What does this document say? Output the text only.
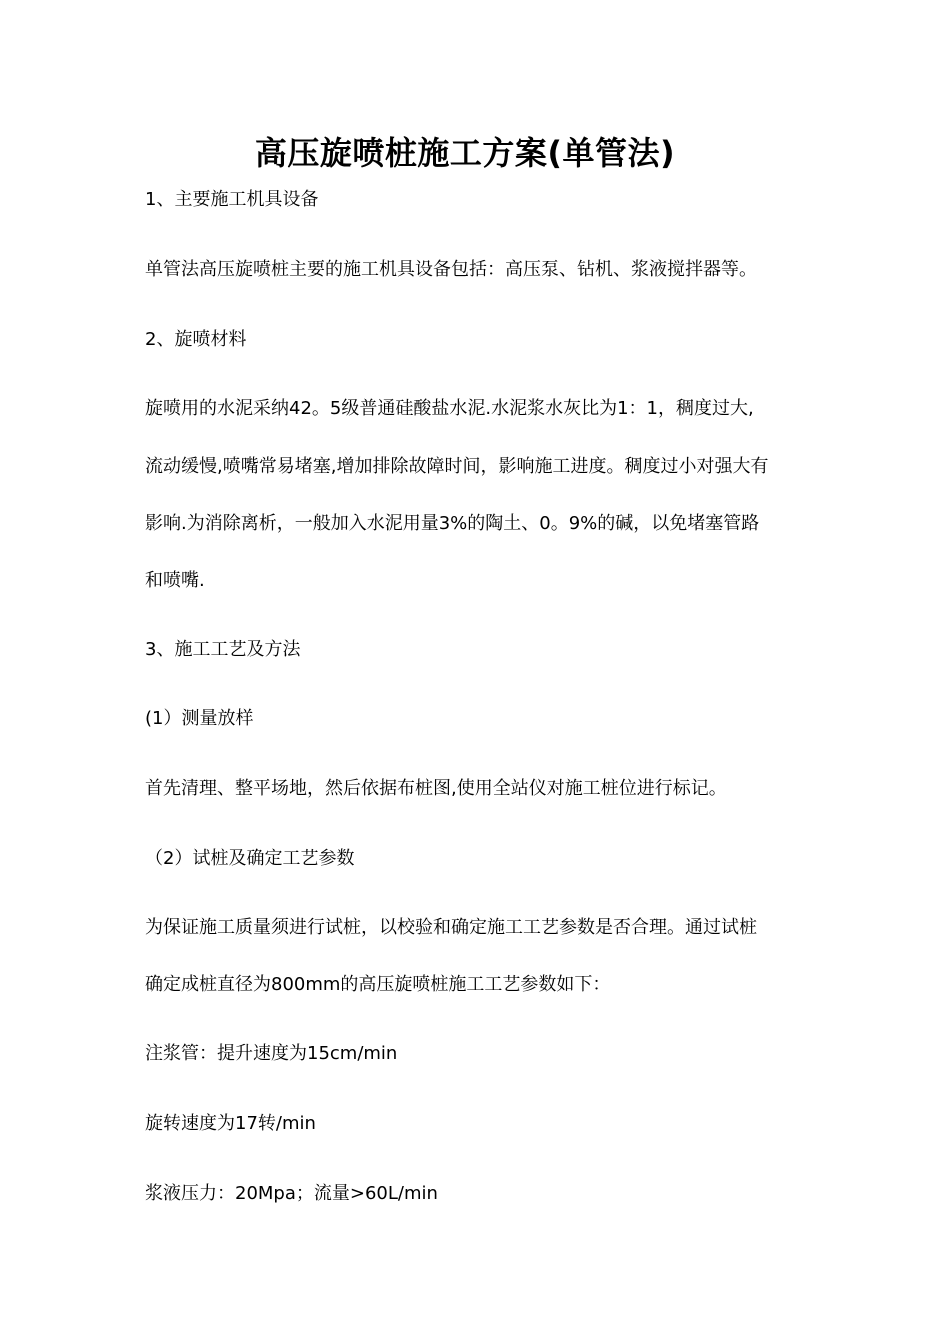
高压旋喷桩施工方案(单管法)
1、主要施工机具设备
单管法高压旋喷桩主要的施工机具设备包括：高压泵、钻机、浆液搅拌器等。
2、旋喷材料
旋喷用的水泥采纳42。5级普通硅酸盐水泥.水泥浆水灰比为1：1，稠度过大,
流动缓慢,喷嘴常易堵塞,增加排除故障时间，影响施工进度。稠度过小对强大有
影响.为消除离析，一般加入水泥用量3%的陶土、0。9%的碱，以免堵塞管路
和喷嘴.
3、施工工艺及方法
(1）测量放样
首先清理、整平场地，然后依据布桩图,使用全站仪对施工桩位进行标记。
（2）试桩及确定工艺参数
为保证施工质量须进行试桩，以校验和确定施工工艺参数是否合理。通过试桩
确定成桩直径为800mm的高压旋喷桩施工工艺参数如下：
注浆管：提升速度为15cm/min
旋转速度为17转/min
浆液压力：20Mpa；流量>60L/min
